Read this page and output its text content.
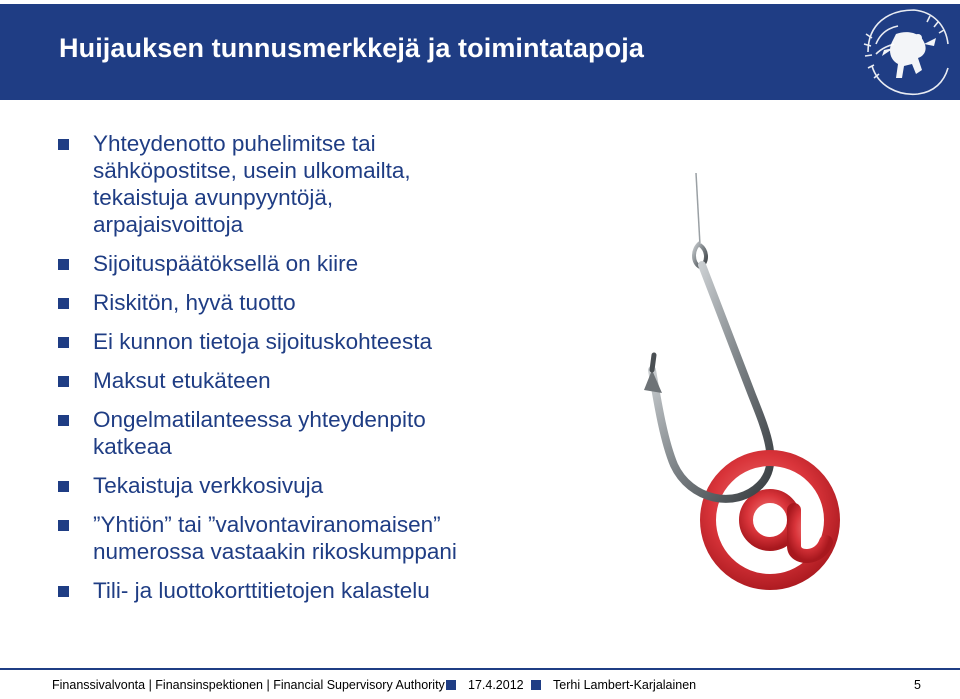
Huijauksen tunnusmerkkejä ja toimintatapoja
Yhteydenotto puhelimitse tai
sähköpostitse, usein ulkomailta,
tekaistuja avunpyyntöjä,
arpajaisvoittoja
Sijoituspäätöksellä on kiire
Riskitön, hyvä tuotto
Ei kunnon tietoja sijoituskohteesta
Maksut etukäteen
Ongelmatilanteessa yhteydenpito
katkeaa
Tekaistuja verkkosivuja
”Yhtiön” tai ”valvontaviranomaisen”
numerossa vastaakin rikoskumppani
Tili- ja luottokorttitietojen kalastelu
Finanssivalvonta | Finansinspektionen | Financial Supervisory Authority 17.4.2012 Terhi Lambert-Karjalainen	5
